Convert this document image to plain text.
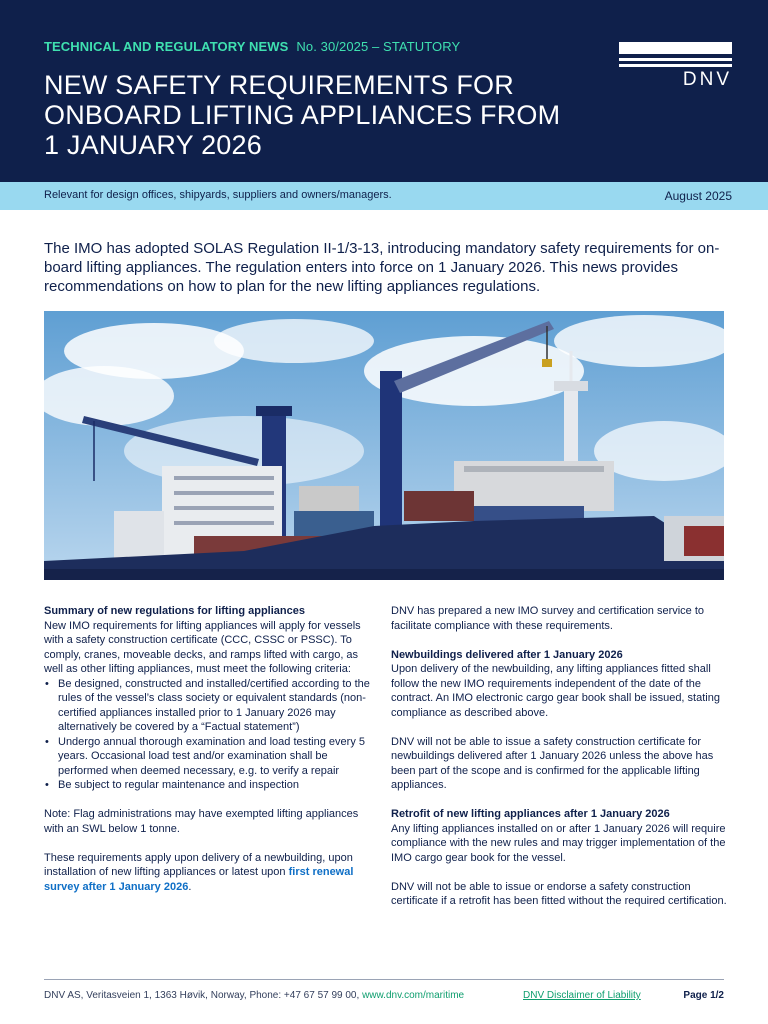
TECHNICAL AND REGULATORY NEWS No. 30/2025 – STATUTORY
NEW SAFETY REQUIREMENTS FOR
ONBOARD LIFTING APPLIANCES FROM
1 JANUARY 2026
DNV
Relevant for design offices, shipyards, suppliers and owners/managers.	August 2025

The IMO has adopted SOLAS Regulation II-1/3-13, introducing mandatory safety requirements for on-board lifting appliances. The regulation enters into force on 1 January 2026. This news provides recommendations on how to plan for the new lifting appliances regulations.

Summary of new regulations for lifting appliances

New IMO requirements for lifting appliances will apply for vessels with a safety construction certificate (CCC, CSSC or PSSC). To comply, cranes, moveable decks, and ramps lifted with cargo, as well as other lifting appliances, must meet the following criteria:

• Be designed, constructed and installed/certified according to the rules of the vessel’s class society or equivalent standards (non-certified appliances installed prior to 1 January 2026 may alternatively be covered by a “Factual statement”)
• Undergo annual thorough examination and load testing every 5 years. Occasional load test and/or examination shall be performed when deemed necessary, e.g. to verify a repair
• Be subject to regular maintenance and inspection

Note: Flag administrations may have exempted lifting appliances with an SWL below 1 tonne.

These requirements apply upon delivery of a newbuilding, upon installation of new lifting appliances or latest upon first renewal survey after 1 January 2026.

DNV has prepared a new IMO survey and certification service to facilitate compliance with these requirements.

Newbuildings delivered after 1 January 2026

Upon delivery of the newbuilding, any lifting appliances fitted shall follow the new IMO requirements independent of the date of the contract. An IMO electronic cargo gear book shall be issued, stating compliance as described above.

DNV will not be able to issue a safety construction certificate for newbuildings delivered after 1 January 2026 unless the above has been part of the scope and is confirmed for the applicable lifting appliances.

Retrofit of new lifting appliances after 1 January 2026

Any lifting appliances installed on or after 1 January 2026 will require compliance with the new rules and may trigger implementation of the IMO cargo gear book for the vessel.

DNV will not be able to issue or endorse a safety construction certificate if a retrofit has been fitted without the required certification.

DNV AS, Veritasveien 1, 1363 Høvik, Norway, Phone: +47 67 57 99 00, www.dnv.com/maritime	DNV Disclaimer of Liability	Page 1/2
